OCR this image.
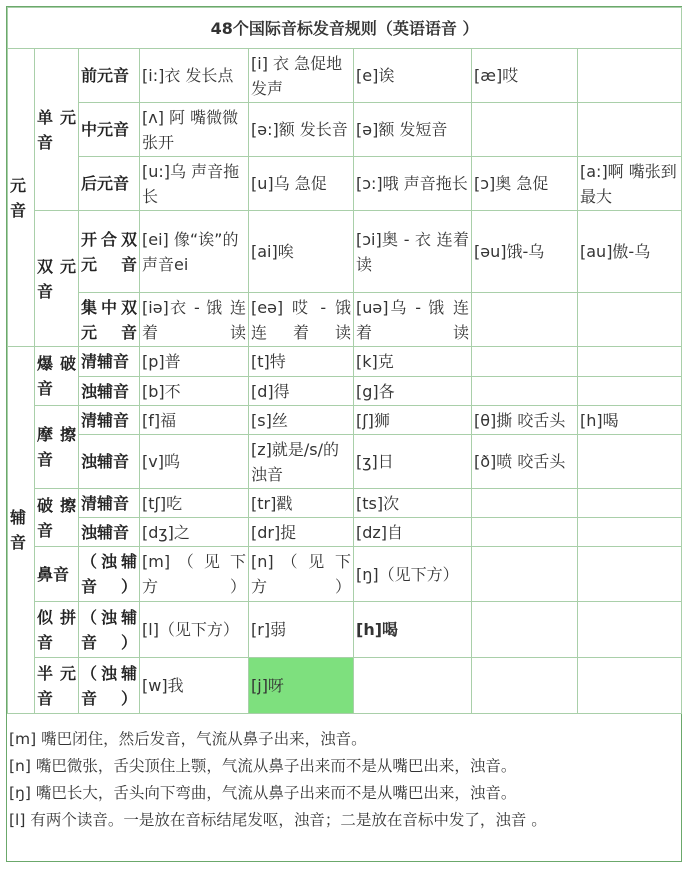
48个国际音标发音规则（英语语音 ）							
元音	单 元音	前元音	[i:]衣 发长点	[i] 衣 急促地发声	[e]诶	[æ]哎	
		中元音	[ʌ] 阿 嘴微微张开	[ə:]额 发长音	[ə]额 发短音		
		后元音	[u:]乌 声音拖长	[u]乌 急促	[ɔ:]哦 声音拖长	[ɔ]奥 急促	[a:]啊 嘴张到最大
	双 元音	开合双元音	[ei] 像“诶”的声音ei	[ai]唉	[ɔi]奥 - 衣 连着读	[əu]饿-乌	[au]傲-乌
		集中双元音	[iə]衣 - 饿 连着读	[eə] 哎 - 饿连着读	[uə]乌 - 饿 连着读		

辅音	爆 破音	清辅音	[p]普	[t]特	[k]克		
		浊辅音	[b]不	[d]得	[g]各		
	摩 擦音	清辅音	[f]福	[s]丝	[ʃ]狮	[θ]撕 咬舌头	[h]喝
		浊辅音	[v]呜	[z]就是/s/的浊音	[ʒ]日	[ð]喷 咬舌头	
	破 擦音	清辅音	[tʃ]吃	[tr]戳	[ts]次		
		浊辅音	[dʒ]之	[dr]捉	[dz]自		
	鼻音	（浊辅音）	[m] （ 见 下方）	[n] （ 见 下方）	[ŋ]（见下方）		
	似 拼音	（浊辅音）	[l]（见下方）	[r]弱	[h]喝		
	半 元音	（浊辅音）	[w]我	[j]呀			
[m] 嘴巴闭住，然后发音，气流从鼻子出来，浊音。
[n] 嘴巴微张，舌尖顶住上颚，气流从鼻子出来而不是从嘴巴出来，浊音。
[ŋ] 嘴巴长大，舌头向下弯曲，气流从鼻子出来而不是从嘴巴出来，浊音。
[l] 有两个读音。一是放在音标结尾发呕，浊音；二是放在音标中发了，浊音 。
